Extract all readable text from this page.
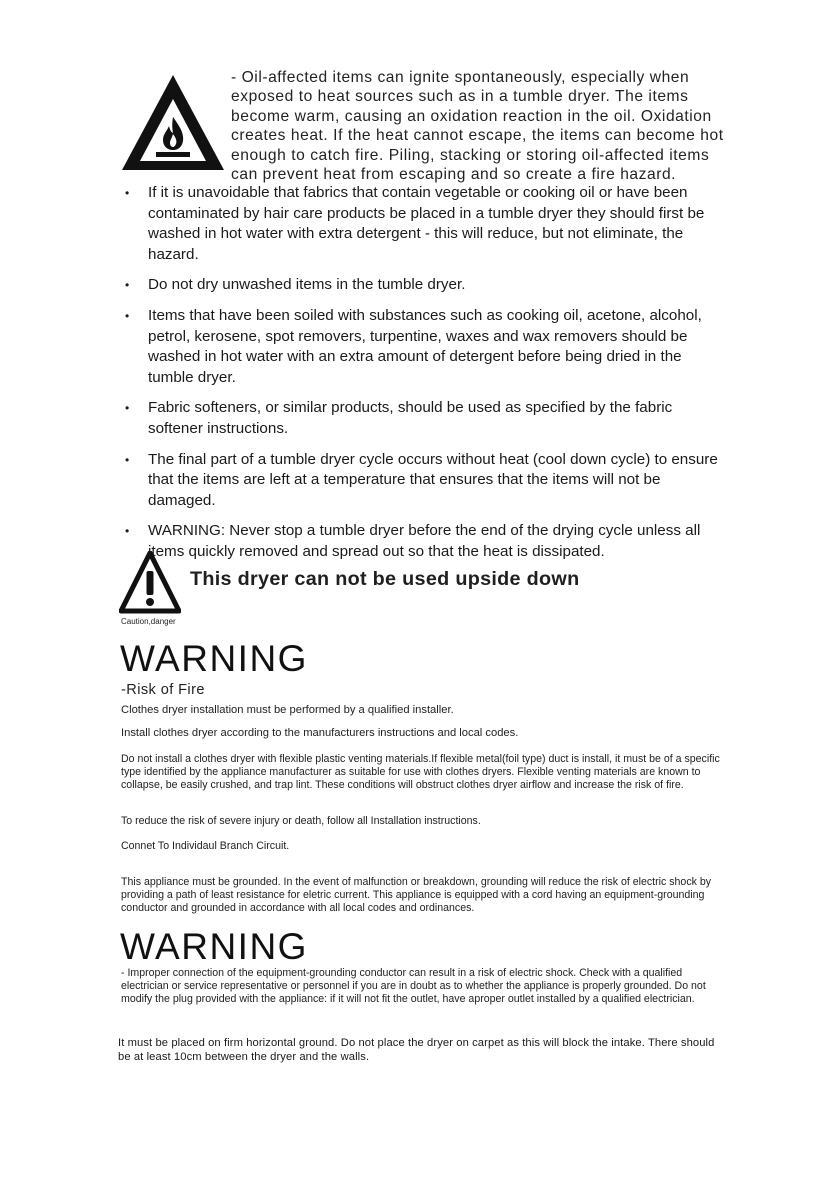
- Oil-affected items can ignite spontaneously, especially when

exposed to heat sources such as in a tumble dryer. The items

become warm, causing an oxidation reaction in the oil. Oxidation

creates heat. If the heat cannot escape, the items can become hot

enough to catch fire. Piling, stacking or storing oil-affected items

can prevent heat from escaping and so create a fire hazard.

• If it is unavoidable that fabrics that contain vegetable or cooking oil or have been contaminated by hair care products be placed in a tumble dryer they should first be washed in hot water with extra detergent - this will reduce, but not eliminate, the hazard.
• Do not dry unwashed items in the tumble dryer.
• Items that have been soiled with substances such as cooking oil, acetone, alcohol, petrol, kerosene, spot removers, turpentine, waxes and wax removers should be washed in hot water with an extra amount of detergent before being dried in the tumble dryer.
• Fabric softeners, or similar products, should be used as specified by the fabric softener instructions.
• The final part of a tumble dryer cycle occurs without heat (cool down cycle) to ensure that the items are left at a temperature that ensures that the items will not be damaged.
• WARNING: Never stop a tumble dryer before the end of the drying cycle unless all items quickly removed and spread out so that the heat is dissipated.
Caution,danger
This dryer can not be used upside down
WARNING
-Risk of Fire
Clothes dryer installation must be performed by a qualified installer.
Install clothes dryer according to the manufacturers instructions and local codes.
Do not install a clothes dryer with flexible plastic venting materials.If flexible metal(foil type) duct is install, it must be of a specific type identified by the appliance manufacturer as suitable for use with clothes dryers. Flexible venting materials are known to collapse, be easily crushed, and trap lint. These conditions will obstruct clothes dryer airflow and increase the risk of fire.
To reduce the risk of severe injury or death, follow all Installation instructions.
Connet To Individaul Branch Circuit.
This appliance must be grounded. In the event of malfunction or breakdown, grounding will reduce the risk of electric shock by providing a path of least resistance for eletric current. This appliance is equipped with a cord having an equipment-grounding conductor and grounded in accordance with all local codes and ordinances.
WARNING
- Improper connection of the equipment-grounding conductor can result in a risk of electric shock. Check with a qualified electrician or service representative or personnel if you are in doubt as to whether the appliance is properly grounded. Do not modify the plug provided with the appliance: if it will not fit the outlet, have aproper outlet installed by a qualified electrician.
It must be placed on firm horizontal ground. Do not place the dryer on carpet as this will block the intake. There should be at least 10cm between the dryer and the walls.
